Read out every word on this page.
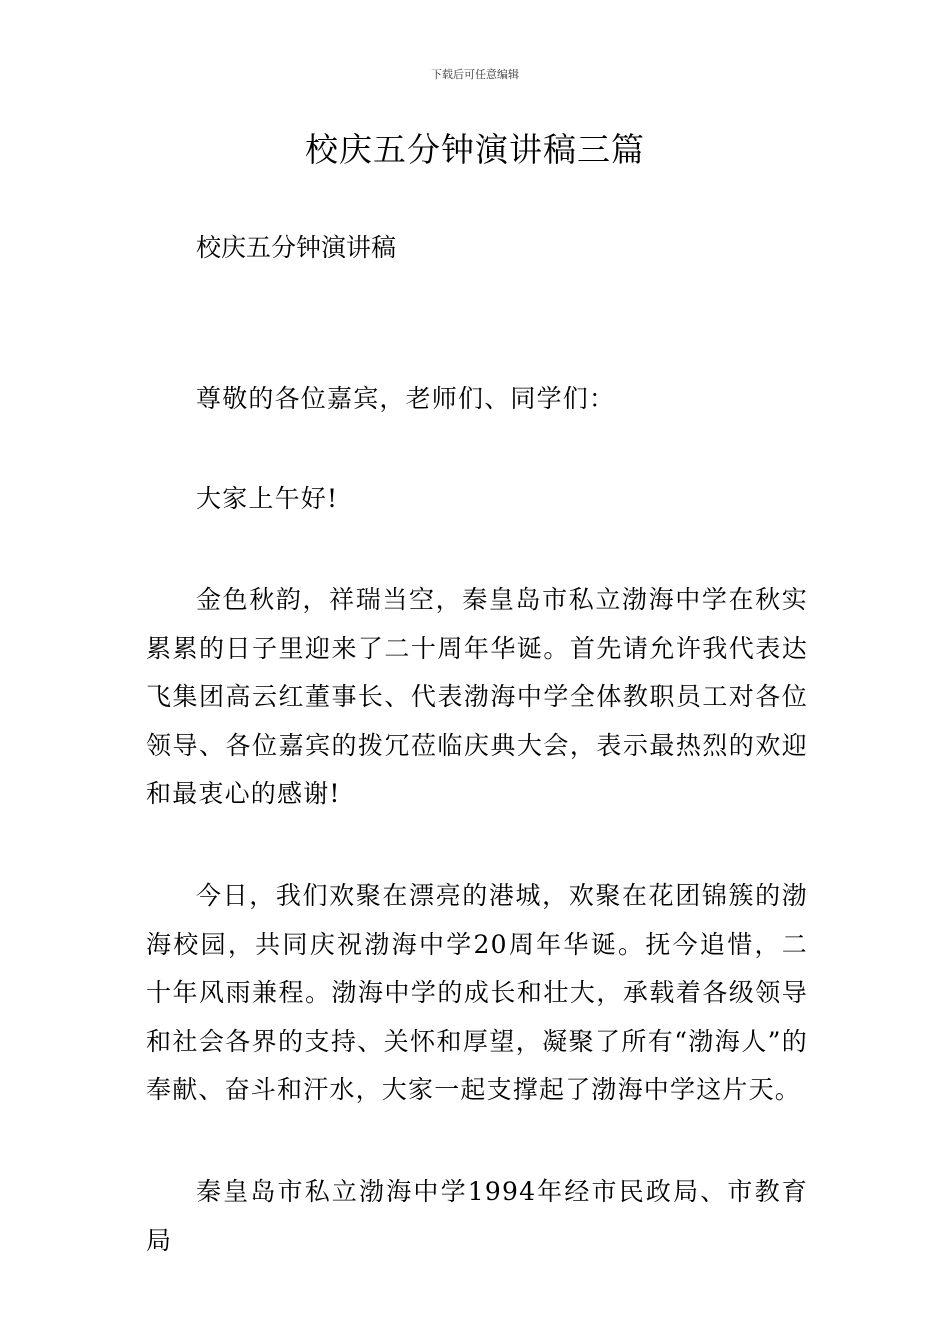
下载后可任意编辑
校庆五分钟演讲稿三篇
校庆五分钟演讲稿

尊敬的各位嘉宾，老师们、同学们：

大家上午好!

金色秋韵，祥瑞当空，秦皇岛市私立渤海中学在秋实累累的日子里迎来了二十周年华诞。首先请允许我代表达飞集团高云红董事长、代表渤海中学全体教职员工对各位领导、各位嘉宾的拨冗莅临庆典大会，表示最热烈的欢迎和最衷心的感谢!

今日，我们欢聚在漂亮的港城，欢聚在花团锦簇的渤海校园，共同庆祝渤海中学20周年华诞。抚今追惜，二十年风雨兼程。渤海中学的成长和壮大，承载着各级领导和社会各界的支持、关怀和厚望，凝聚了所有“渤海人”的奉献、奋斗和汗水，大家一起支撑起了渤海中学这片天。

秦皇岛市私立渤海中学1994年经市民政局、市教育局
